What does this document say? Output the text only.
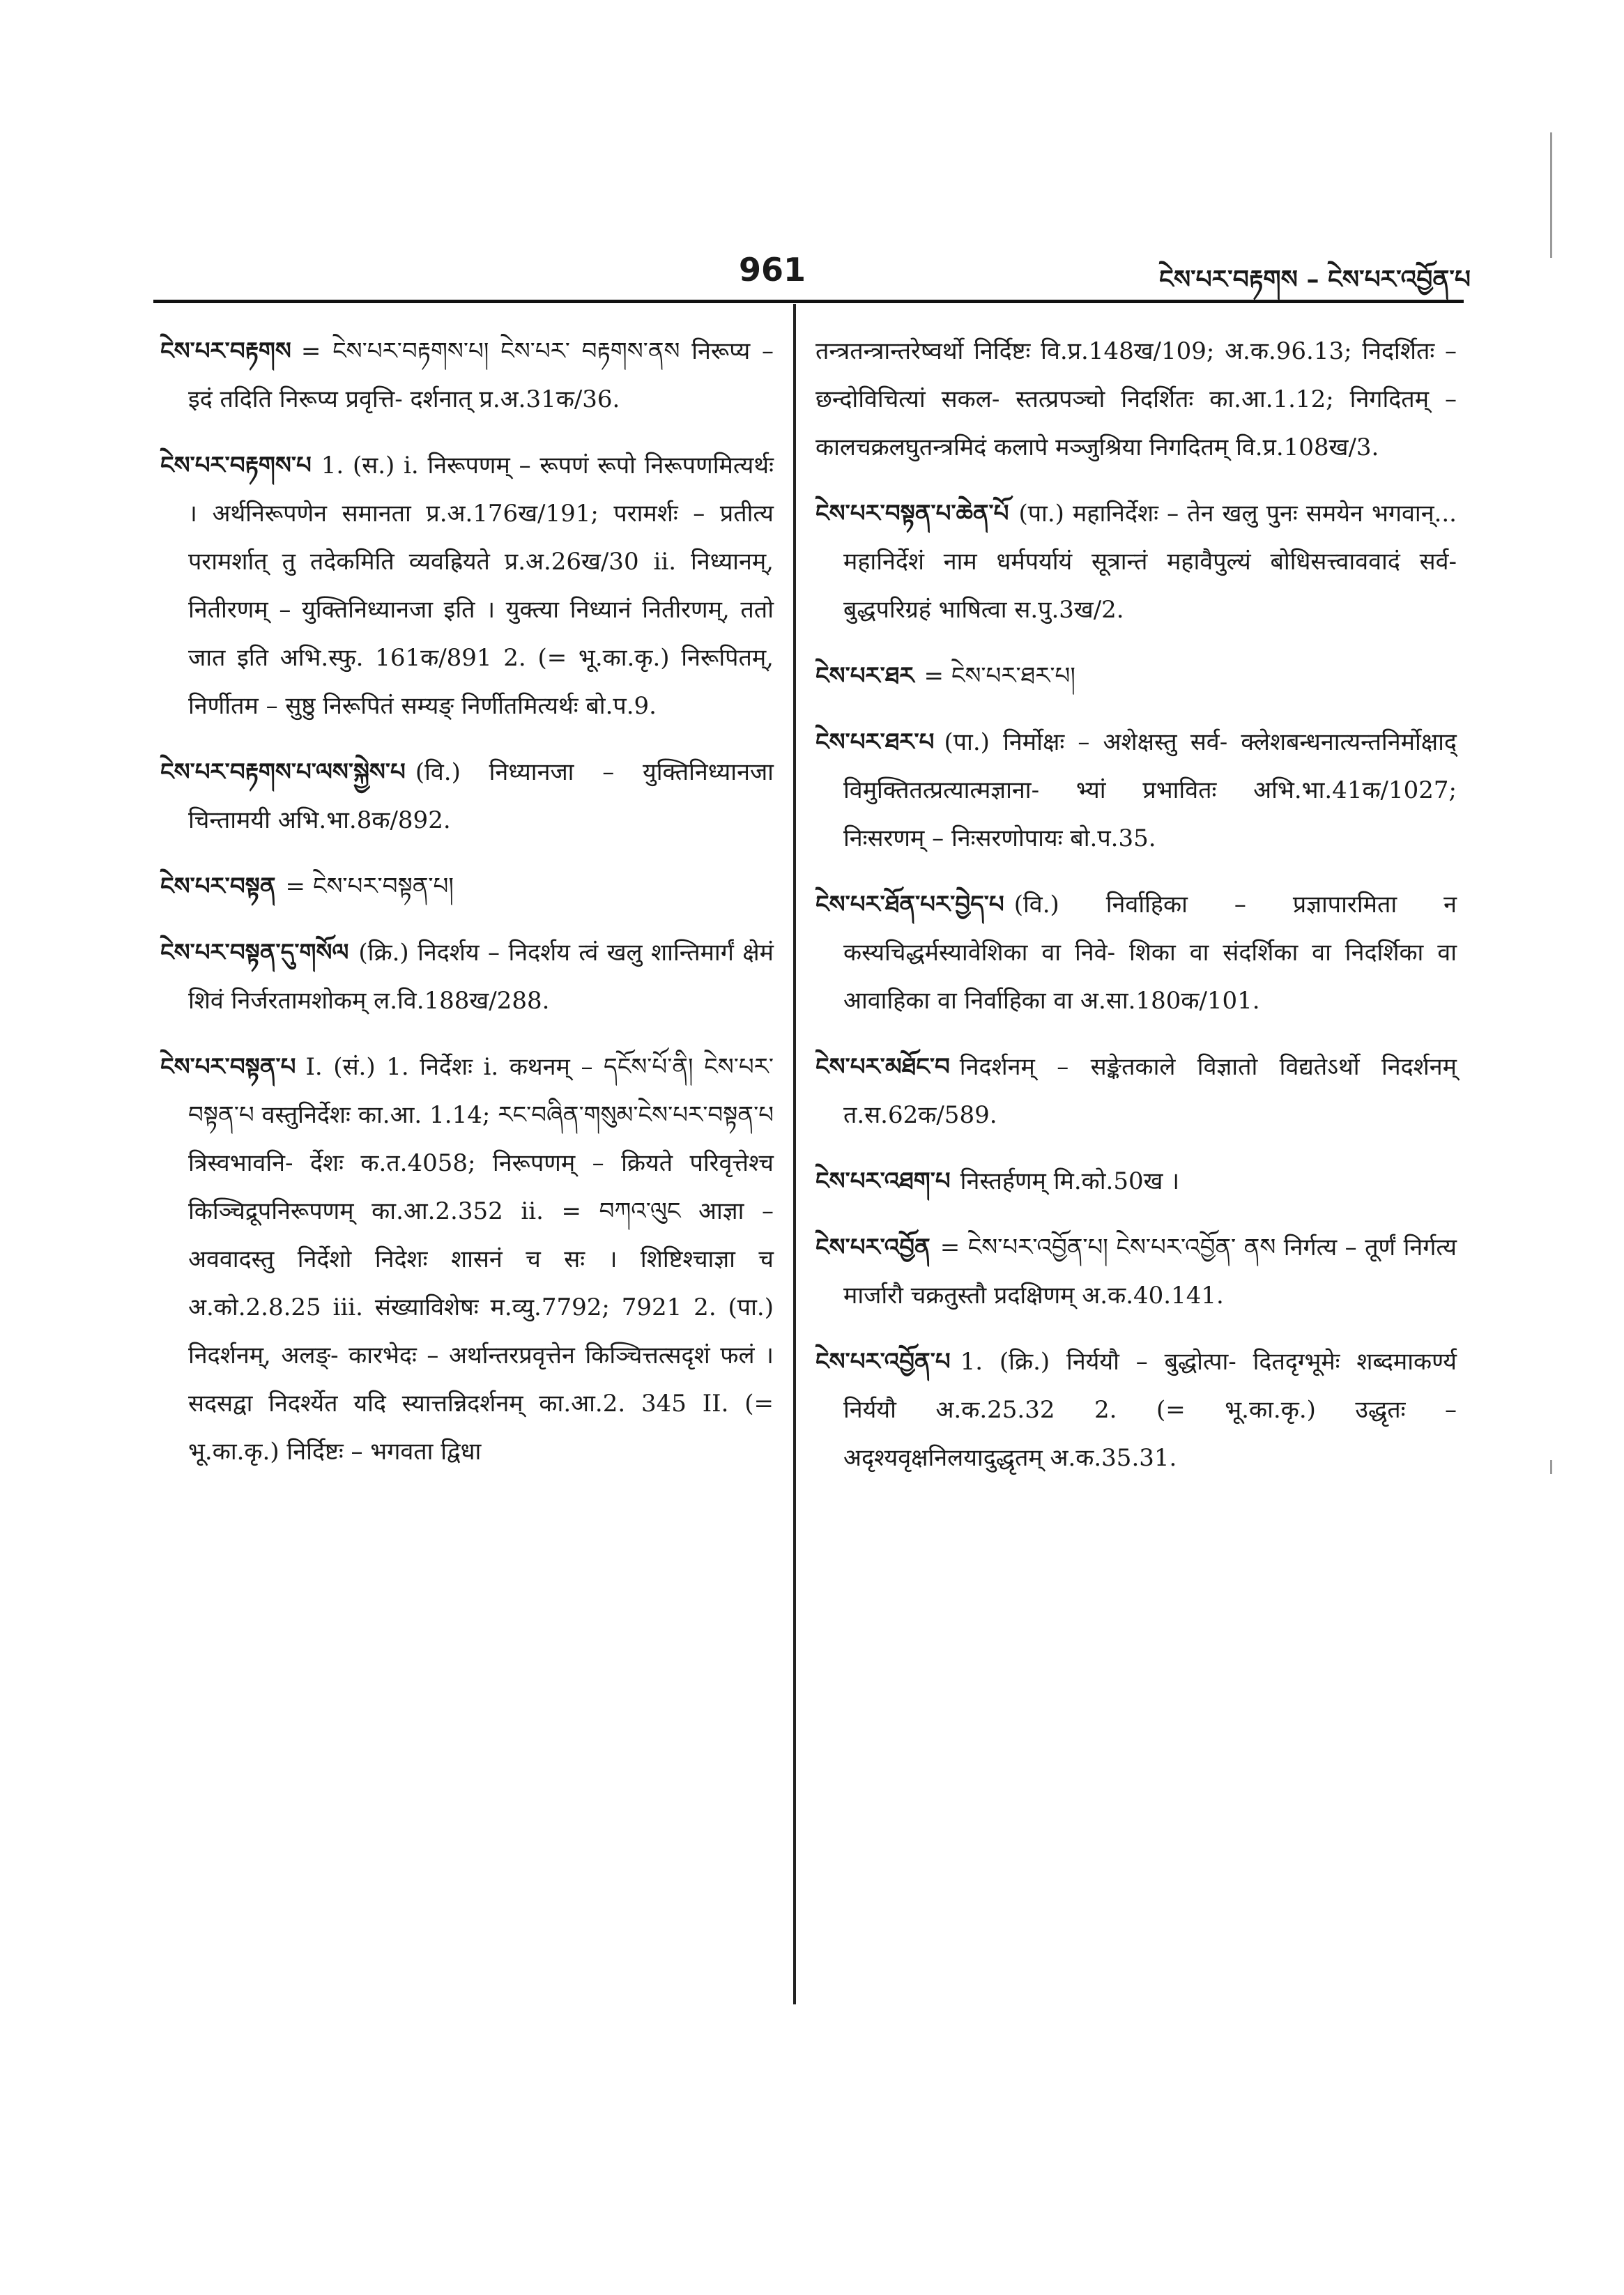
961	ངེས་པར་བརྟགས – ངེས་པར་འབྱོན་པ

ངེས་པར་བརྟགས = ངེས་པར་བརྟགས་པ། ངེས་པར་ བརྟགས་ནས निरूप्य – इदं तदिति निरूप्य प्रवृत्ति- दर्शनात् प्र.अ.31क/36.

ངེས་པར་བརྟགས་པ 1. (स.) i. निरूपणम् – रूपणं रूपो निरूपणमित्यर्थः । अर्थनिरूपणेन समानता प्र.अ.176ख/191; परामर्शः – प्रतीत्य परामर्शात् तु तदेकमिति व्यवह्रियते प्र.अ.26ख/30 ii. निध्यानम्, नितीरणम् – युक्तिनिध्यानजा इति । युक्त्या निध्यानं नितीरणम्, ततो जात इति अभि.स्फु. 161क/891 2. (= भू.का.कृ.) निरूपितम्, निर्णीतम – सुष्ठु निरूपितं सम्यङ् निर्णीतमित्यर्थः बो.प.9.

ངེས་པར་བརྟགས་པ་ལས་སྐྱེས་པ (वि.) निध्यानजा – युक्तिनिध्यानजा चिन्तामयी अभि.भा.8क/892.

ངེས་པར་བསྟན = ངེས་པར་བསྟན་པ།

ངེས་པར་བསྟན་དུ་གསོལ (क्रि.) निदर्शय – निदर्शय त्वं खलु शान्तिमार्गं क्षेमं शिवं निर्जरतामशोकम् ल.वि.188ख/288.

ངེས་པར་བསྟན་པ I. (सं.) 1. निर्देशः i. कथनम् – དངོས་པོ་ནི། ངེས་པར་བསྟན་པ वस्तुनिर्देशः का.आ. 1.14; རང་བཞིན་གསུམ་ངེས་པར་བསྟན་པ त्रिस्वभावनि- र्देशः क.त.4058; निरूपणम् – क्रियते परिवृत्तेश्च किञ्चिद्रूपनिरूपणम् का.आ.2.352 ii. = བཀའ་ལུང आज्ञा – अववादस्तु निर्देशो निदेशः शासनं च सः । शिष्टिश्चाज्ञा च अ.को.2.8.25 iii. संख्याविशेषः म.व्यु.7792; 7921 2. (पा.) निदर्शनम्, अलङ्- कारभेदः – अर्थान्तरप्रवृत्तेन किञ्चित्तत्सदृशं फलं । सदसद्वा निदर्श्येत यदि स्यात्तन्निदर्शनम् का.आ.2. 345 II. (= भू.का.कृ.) निर्दिष्टः – भगवता द्विधा

तन्त्रतन्त्रान्तरेष्वर्थो निर्दिष्टः वि.प्र.148ख/109; अ.क.96.13; निदर्शितः – छन्दोविचित्यां सकल- स्तत्प्रपञ्चो निदर्शितः का.आ.1.12; निगदितम् – कालचक्रलघुतन्त्रमिदं कलापे मञ्जुश्रिया निगदितम् वि.प्र.108ख/3.

ངེས་པར་བསྟན་པ་ཆེན་པོ (पा.) महानिर्देशः – तेन खलु पुनः समयेन भगवान्... महानिर्देशं नाम धर्मपर्यायं सूत्रान्तं महावैपुल्यं बोधिसत्त्वाववादं सर्व- बुद्धपरिग्रहं भाषित्वा स.पु.3ख/2.

ངེས་པར་ཐར = ངེས་པར་ཐར་པ།

ངེས་པར་ཐར་པ (पा.) निर्मोक्षः – अशेक्षस्तु सर्व- क्लेशबन्धनात्यन्तनिर्मोक्षाद् विमुक्तितत्प्रत्यात्मज्ञाना- भ्यां प्रभावितः अभि.भा.41क/1027; निःसरणम् – निःसरणोपायः बो.प.35.

ངེས་པར་ཐོན་པར་བྱེད་པ (वि.) निर्वाहिका – प्रज्ञापारमिता न कस्यचिद्धर्मस्यावेशिका वा निवे- शिका वा संदर्शिका वा निदर्शिका वा आवाहिका वा निर्वाहिका वा अ.सा.180क/101.

ངེས་པར་མཐོང་བ निदर्शनम् – सङ्केतकाले विज्ञातो विद्यतेऽर्थो निदर्शनम् त.स.62क/589.

ངེས་པར་འཐག་པ निस्तर्हणम् मि.को.50ख ।

ངེས་པར་འབྱོན = ངེས་པར་འབྱོན་པ། ངེས་པར་འབྱོན་ ནས निर्गत्य – तूर्णं निर्गत्य मार्जारौ चक्रतुस्तौ प्रदक्षिणम् अ.क.40.141.

ངེས་པར་འབྱོན་པ 1. (क्रि.) निर्ययौ – बुद्धोत्पा- दितदृग्भूमेः शब्दमाकर्ण्य निर्ययौ अ.क.25.32 2. (= भू.का.कृ.) उद्धृतः – अदृश्यवृक्षनिलयादुद्धृतम् अ.क.35.31.
